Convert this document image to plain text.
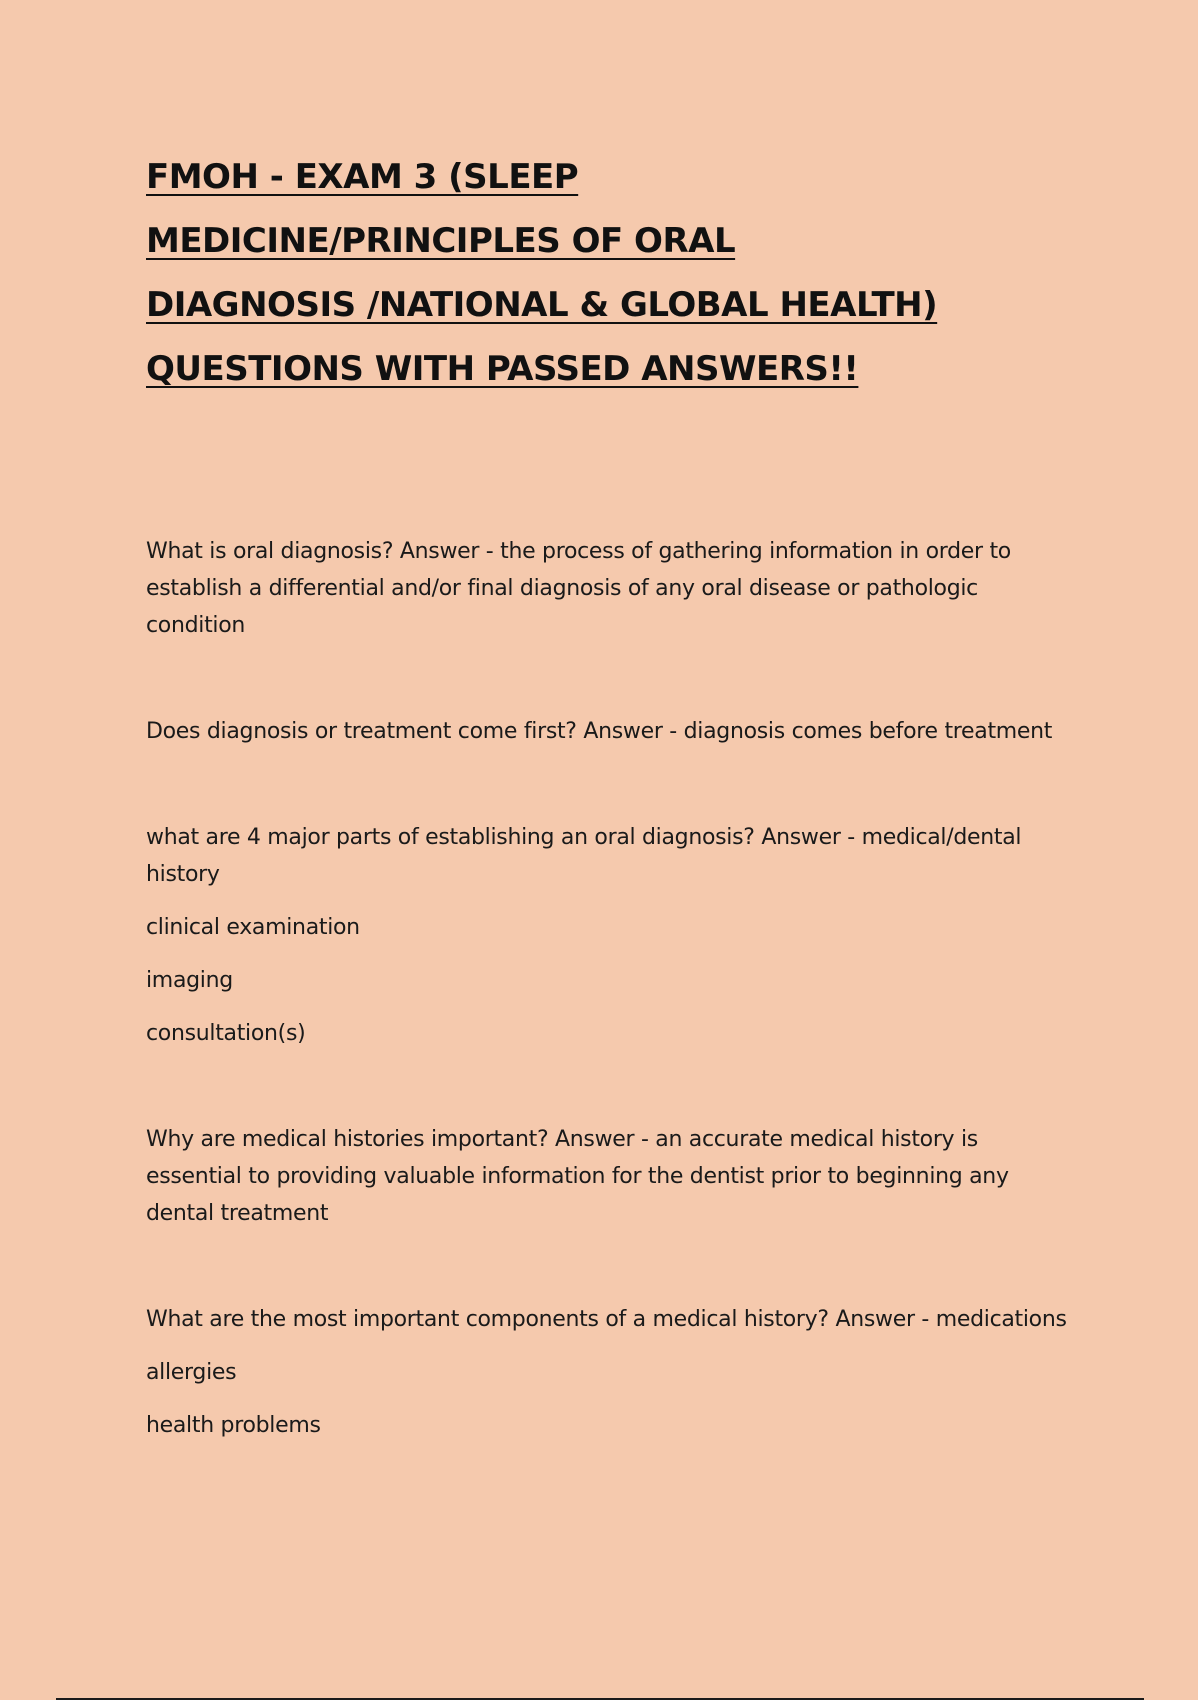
FMOH - EXAM 3 (SLEEP
MEDICINE/PRINCIPLES OF ORAL
DIAGNOSIS /NATIONAL & GLOBAL HEALTH)
QUESTIONS WITH PASSED ANSWERS!!

What is oral diagnosis? Answer - the process of gathering information in order to establish a differential and/or final diagnosis of any oral disease or pathologic condition

Does diagnosis or treatment come first? Answer - diagnosis comes before treatment

what are 4 major parts of establishing an oral diagnosis? Answer - medical/dental history

clinical examination

imaging

consultation(s)

Why are medical histories important? Answer - an accurate medical history is essential to providing valuable information for the dentist prior to beginning any dental treatment

What are the most important components of a medical history? Answer - medications

allergies

health problems
